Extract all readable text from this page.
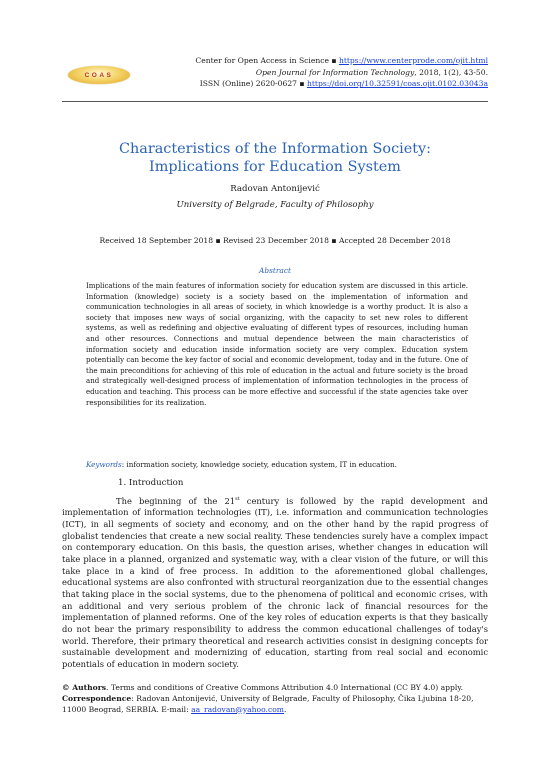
COAS
Center for Open Access in Science ▪ https://www.centerprode.com/ojit.html
Open Journal for Information Technology, 2018, 1(2), 43-50.
ISSN (Online) 2620-0627 ▪ https://doi.org/10.32591/coas.ojit.0102.03043a
Characteristics of the Information Society:
Implications for Education System
Radovan Antonijević
University of Belgrade, Faculty of Philosophy
Received 18 September 2018 ▪ Revised 23 December 2018 ▪ Accepted 28 December 2018
Abstract

Implications of the main features of information society for education system are discussed in this article. Information (knowledge) society is a society based on the implementation of information and communication technologies in all areas of society, in which knowledge is a worthy product. It is also a society that imposes new ways of social organizing, with the capacity to set new roles to different systems, as well as redefining and objective evaluating of different types of resources, including human and other resources. Connections and mutual dependence between the main characteristics of information society and education inside information society are very complex. Education system potentially can become the key factor of social and economic development, today and in the future. One of the main preconditions for achieving of this role of education in the actual and future society is the broad and strategically well-designed process of implementation of information technologies in the process of education and teaching. This process can be more effective and successful if the state agencies take over responsibilities for its realization.

Keywords: information society, knowledge society, education system, IT in education.

1. Introduction

The beginning of the 21st century is followed by the rapid development and implementation of information technologies (IT), i.e. information and communication technologies (ICT), in all segments of society and economy, and on the other hand by the rapid progress of globalist tendencies that create a new social reality. These tendencies surely have a complex impact on contemporary education. On this basis, the question arises, whether changes in education will take place in a planned, organized and systematic way, with a clear vision of the future, or will this take place in a kind of free process. In addition to the aforementioned global challenges, educational systems are also confronted with structural reorganization due to the essential changes that taking place in the social systems, due to the phenomena of political and economic crises, with an additional and very serious problem of the chronic lack of financial resources for the implementation of planned reforms. One of the key roles of education experts is that they basically do not bear the primary responsibility to address the common educational challenges of today's world. Therefore, their primary theoretical and research activities consist in designing concepts for sustainable development and modernizing of education, starting from real social and economic potentials of education in modern society.

© Authors. Terms and conditions of Creative Commons Attribution 4.0 International (CC BY 4.0) apply.
Correspondence: Radovan Antonijević, University of Belgrade, Faculty of Philosophy, Čika Ljubina 18-20, 11000 Beograd, SERBIA. E-mail: aa_radovan@yahoo.com.
